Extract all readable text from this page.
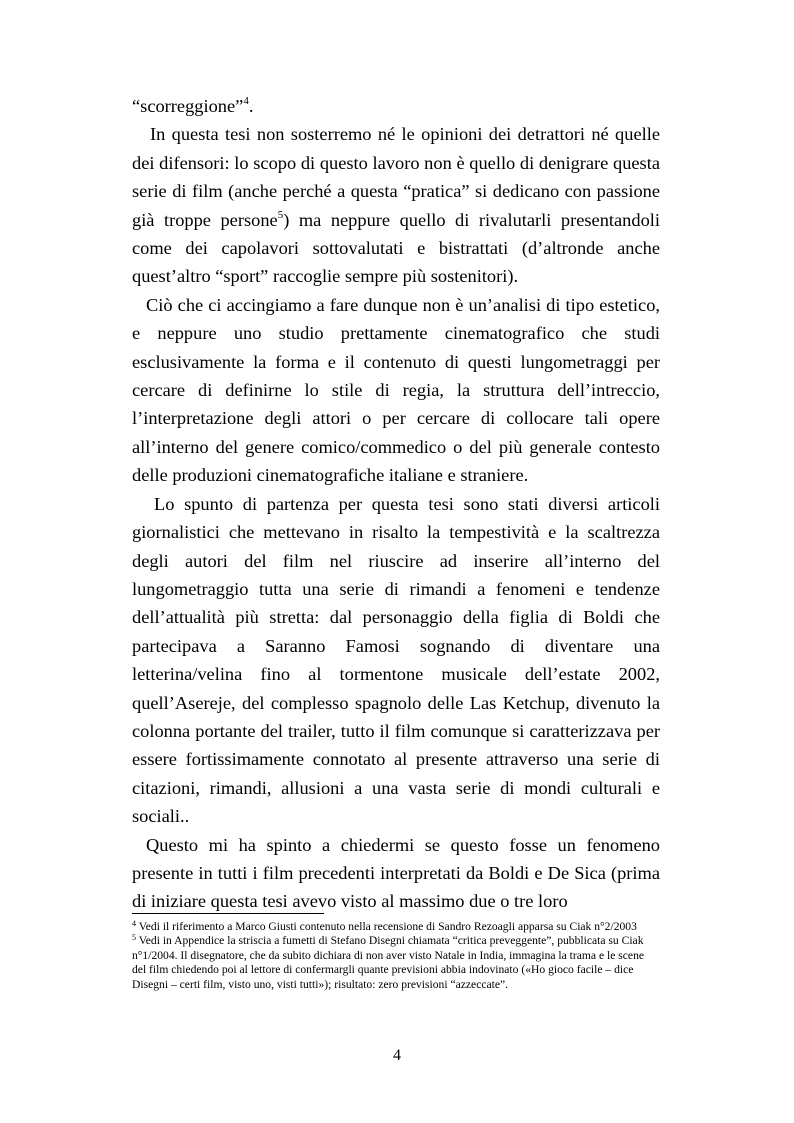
“scorreggione”$^4$.

In questa tesi non sosterremo né le opinioni dei detrattori né quelle dei difensori: lo scopo di questo lavoro non è quello di denigrare questa serie di film (anche perché a questa “pratica” si dedicano con passione già troppe persone$^5$) ma neppure quello di rivalutarli presentandoli come dei capolavori sottovalutati e bistrattati (d’altronde anche quest’altro “sport” raccoglie sempre più sostenitori).

Ciò che ci accingiamo a fare dunque non è un’analisi di tipo estetico, e neppure uno studio prettamente cinematografico che studi esclusivamente la forma e il contenuto di questi lungometraggi per cercare di definirne lo stile di regia, la struttura dell’intreccio, l’interpretazione degli attori o per cercare di collocare tali opere all’interno del genere comico/commedico o del più generale contesto delle produzioni cinematografiche italiane e straniere.

Lo spunto di partenza per questa tesi sono stati diversi articoli giornalistici che mettevano in risalto la tempestività e la scaltrezza degli autori del film nel riuscire ad inserire all’interno del lungometraggio tutta una serie di rimandi a fenomeni e tendenze dell’attualità più stretta: dal personaggio della figlia di Boldi che partecipava a Saranno Famosi sognando di diventare una letterina/velina fino al tormentone musicale dell’estate 2002, quell’Asereje, del complesso spagnolo delle Las Ketchup, divenuto la colonna portante del trailer, tutto il film comunque si caratterizzava per essere fortissimamente connotato al presente attraverso una serie di citazioni, rimandi, allusioni a una vasta serie di mondi culturali e sociali..

Questo mi ha spinto a chiedermi se questo fosse un fenomeno presente in tutti i film precedenti interpretati da Boldi e De Sica (prima di iniziare questa tesi avevo visto al massimo due o tre loro

$^4$ Vedi il riferimento a Marco Giusti contenuto nella recensione di Sandro Rezoagli apparsa su Ciak n°2/2003

$^5$ Vedi in Appendice la striscia a fumetti di Stefano Disegni chiamata “critica preveggente”, pubblicata su Ciak n°1/2004. Il disegnatore, che da subito dichiara di non aver visto Natale in India, immagina la trama e le scene del film chiedendo poi al lettore di confermargli quante previsioni abbia indovinato («Ho gioco facile – dice Disegni – certi film, visto uno, visti tutti»); risultato: zero previsioni “azzeccate”.

4
